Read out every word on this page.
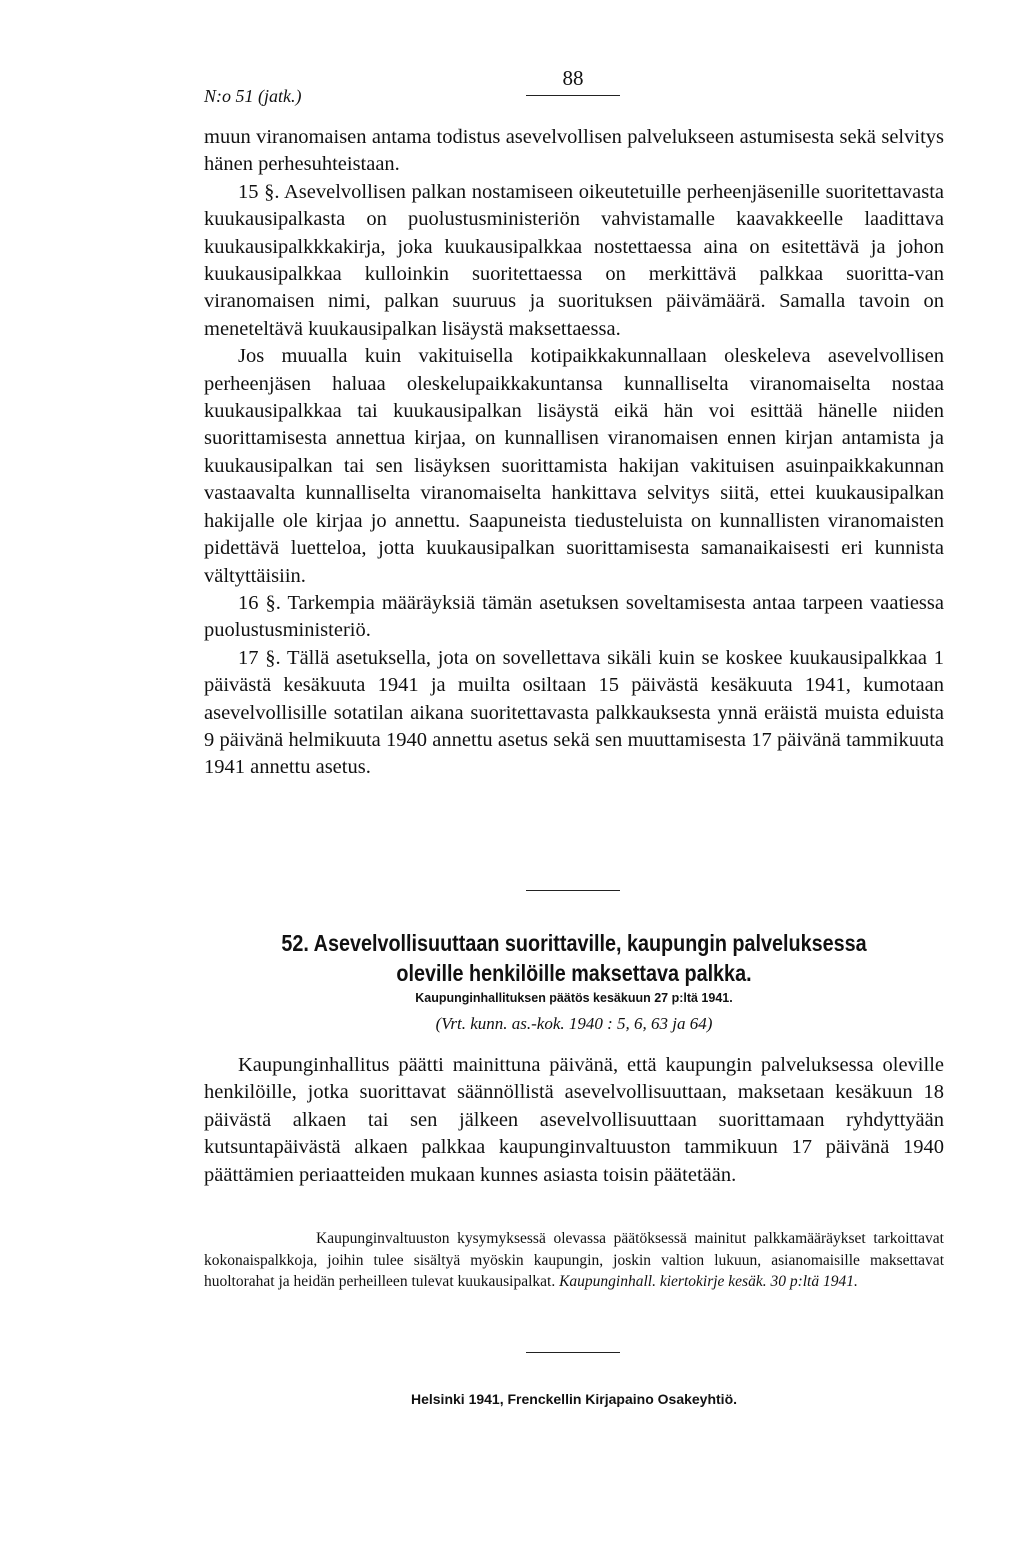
N:o 51 (jatk.)
88

muun viranomaisen antama todistus asevelvollisen palvelukseen astumisesta sekä selvitys hänen perhesuhteistaan.

15 §. Asevelvollisen palkan nostamiseen oikeutetuille perheenjäsenille suoritettavasta kuukausipalkasta on puolustusministeriön vahvistamalle kaavakkeelle laadittava kuukausipalkkkakirja, joka kuukausipalkkaa nostettaessa aina on esitettävä ja johon kuukausipalkkaa kulloinkin suoritettaessa on merkittävä palkkaa suoritta-van viranomaisen nimi, palkan suuruus ja suorituksen päivämäärä. Samalla tavoin on meneteltävä kuukausipalkan lisäystä maksettaessa.

Jos muualla kuin vakituisella kotipaikkakunnallaan oleskeleva asevelvollisen perheenjäsen haluaa oleskelupaikkakuntansa kunnalliselta viranomaiselta nostaa kuukausipalkkaa tai kuukausipalkan lisäystä eikä hän voi esittää hänelle niiden suorittamisesta annettua kirjaa, on kunnallisen viranomaisen ennen kirjan antamista ja kuukausipalkan tai sen lisäyksen suorittamista hakijan vakituisen asuinpaikkakunnan vastaavalta kunnalliselta viranomaiselta hankittava selvitys siitä, ettei kuukausipalkan hakijalle ole kirjaa jo annettu. Saapuneista tiedusteluista on kunnallisten viranomaisten pidettävä luetteloa, jotta kuukausipalkan suorittamisesta samanaikaisesti eri kunnista vältyttäisiin.

16 §. Tarkempia määräyksiä tämän asetuksen soveltamisesta antaa tarpeen vaatiessa puolustusministeriö.

17 §. Tällä asetuksella, jota on sovellettava sikäli kuin se koskee kuukausipalkkaa 1 päivästä kesäkuuta 1941 ja muilta osiltaan 15 päivästä kesäkuuta 1941, kumotaan asevelvollisille sotatilan aikana suoritettavasta palkkauksesta ynnä eräistä muista eduista 9 päivänä helmikuuta 1940 annettu asetus sekä sen muuttamisesta 17 päivänä tammikuuta 1941 annettu asetus.

52. Asevelvollisuuttaan suorittaville, kaupungin palveluksessa
oleville henkilöille maksettava palkka.
Kaupunginhallituksen päätös kesäkuun 27 p:ltä 1941.
(Vrt. kunn. as.-kok. 1940 : 5, 6, 63 ja 64)

Kaupunginhallitus päätti mainittuna päivänä, että kaupungin palveluksessa oleville henkilöille, jotka suorittavat säännöllistä asevelvollisuuttaan, maksetaan kesäkuun 18 päivästä alkaen tai sen jälkeen asevelvollisuuttaan suorittamaan ryhdyttyään kutsuntapäivästä alkaen palkkaa kaupunginvaltuuston tammikuun 17 päivänä 1940 päättämien periaatteiden mukaan kunnes asiasta toisin päätetään.

Kaupunginvaltuuston kysymyksessä olevassa päätöksessä mainitut palkkamääräykset tarkoittavat kokonaispalkkoja, joihin tulee sisältyä myöskin kaupungin, joskin valtion lukuun, asianomaisille maksettavat huoltorahat ja heidän perheilleen tulevat kuukausipalkat. Kaupunginhall. kiertokirje kesäk. 30 p:ltä 1941.

Helsinki 1941, Frenckellin Kirjapaino Osakeyhtiö.
